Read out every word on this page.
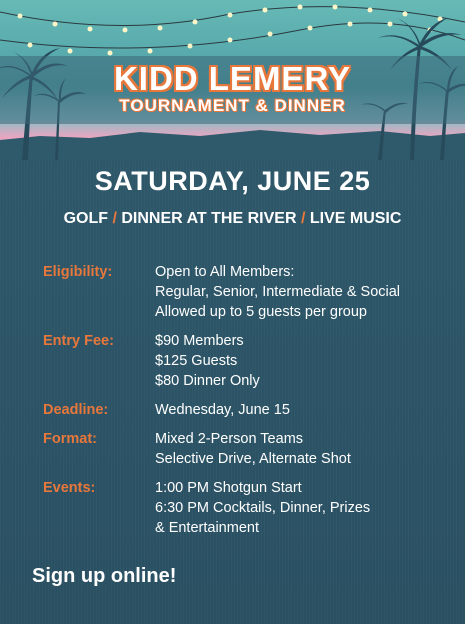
KIDD LEMERY
TOURNAMENT & DINNER
SATURDAY, JUNE 25
GOLF / DINNER AT THE RIVER / LIVE MUSIC
Eligibility:	Open to All Members:
Regular, Senior, Intermediate & Social
Allowed up to 5 guests per group
Entry Fee:	$90 Members
$125 Guests
$80 Dinner Only
Deadline:	Wednesday, June 15
Format:	Mixed 2-Person Teams
Selective Drive, Alternate Shot
Events:	1:00 PM Shotgun Start
6:30 PM Cocktails, Dinner, Prizes
& Entertainment
Sign up online!
